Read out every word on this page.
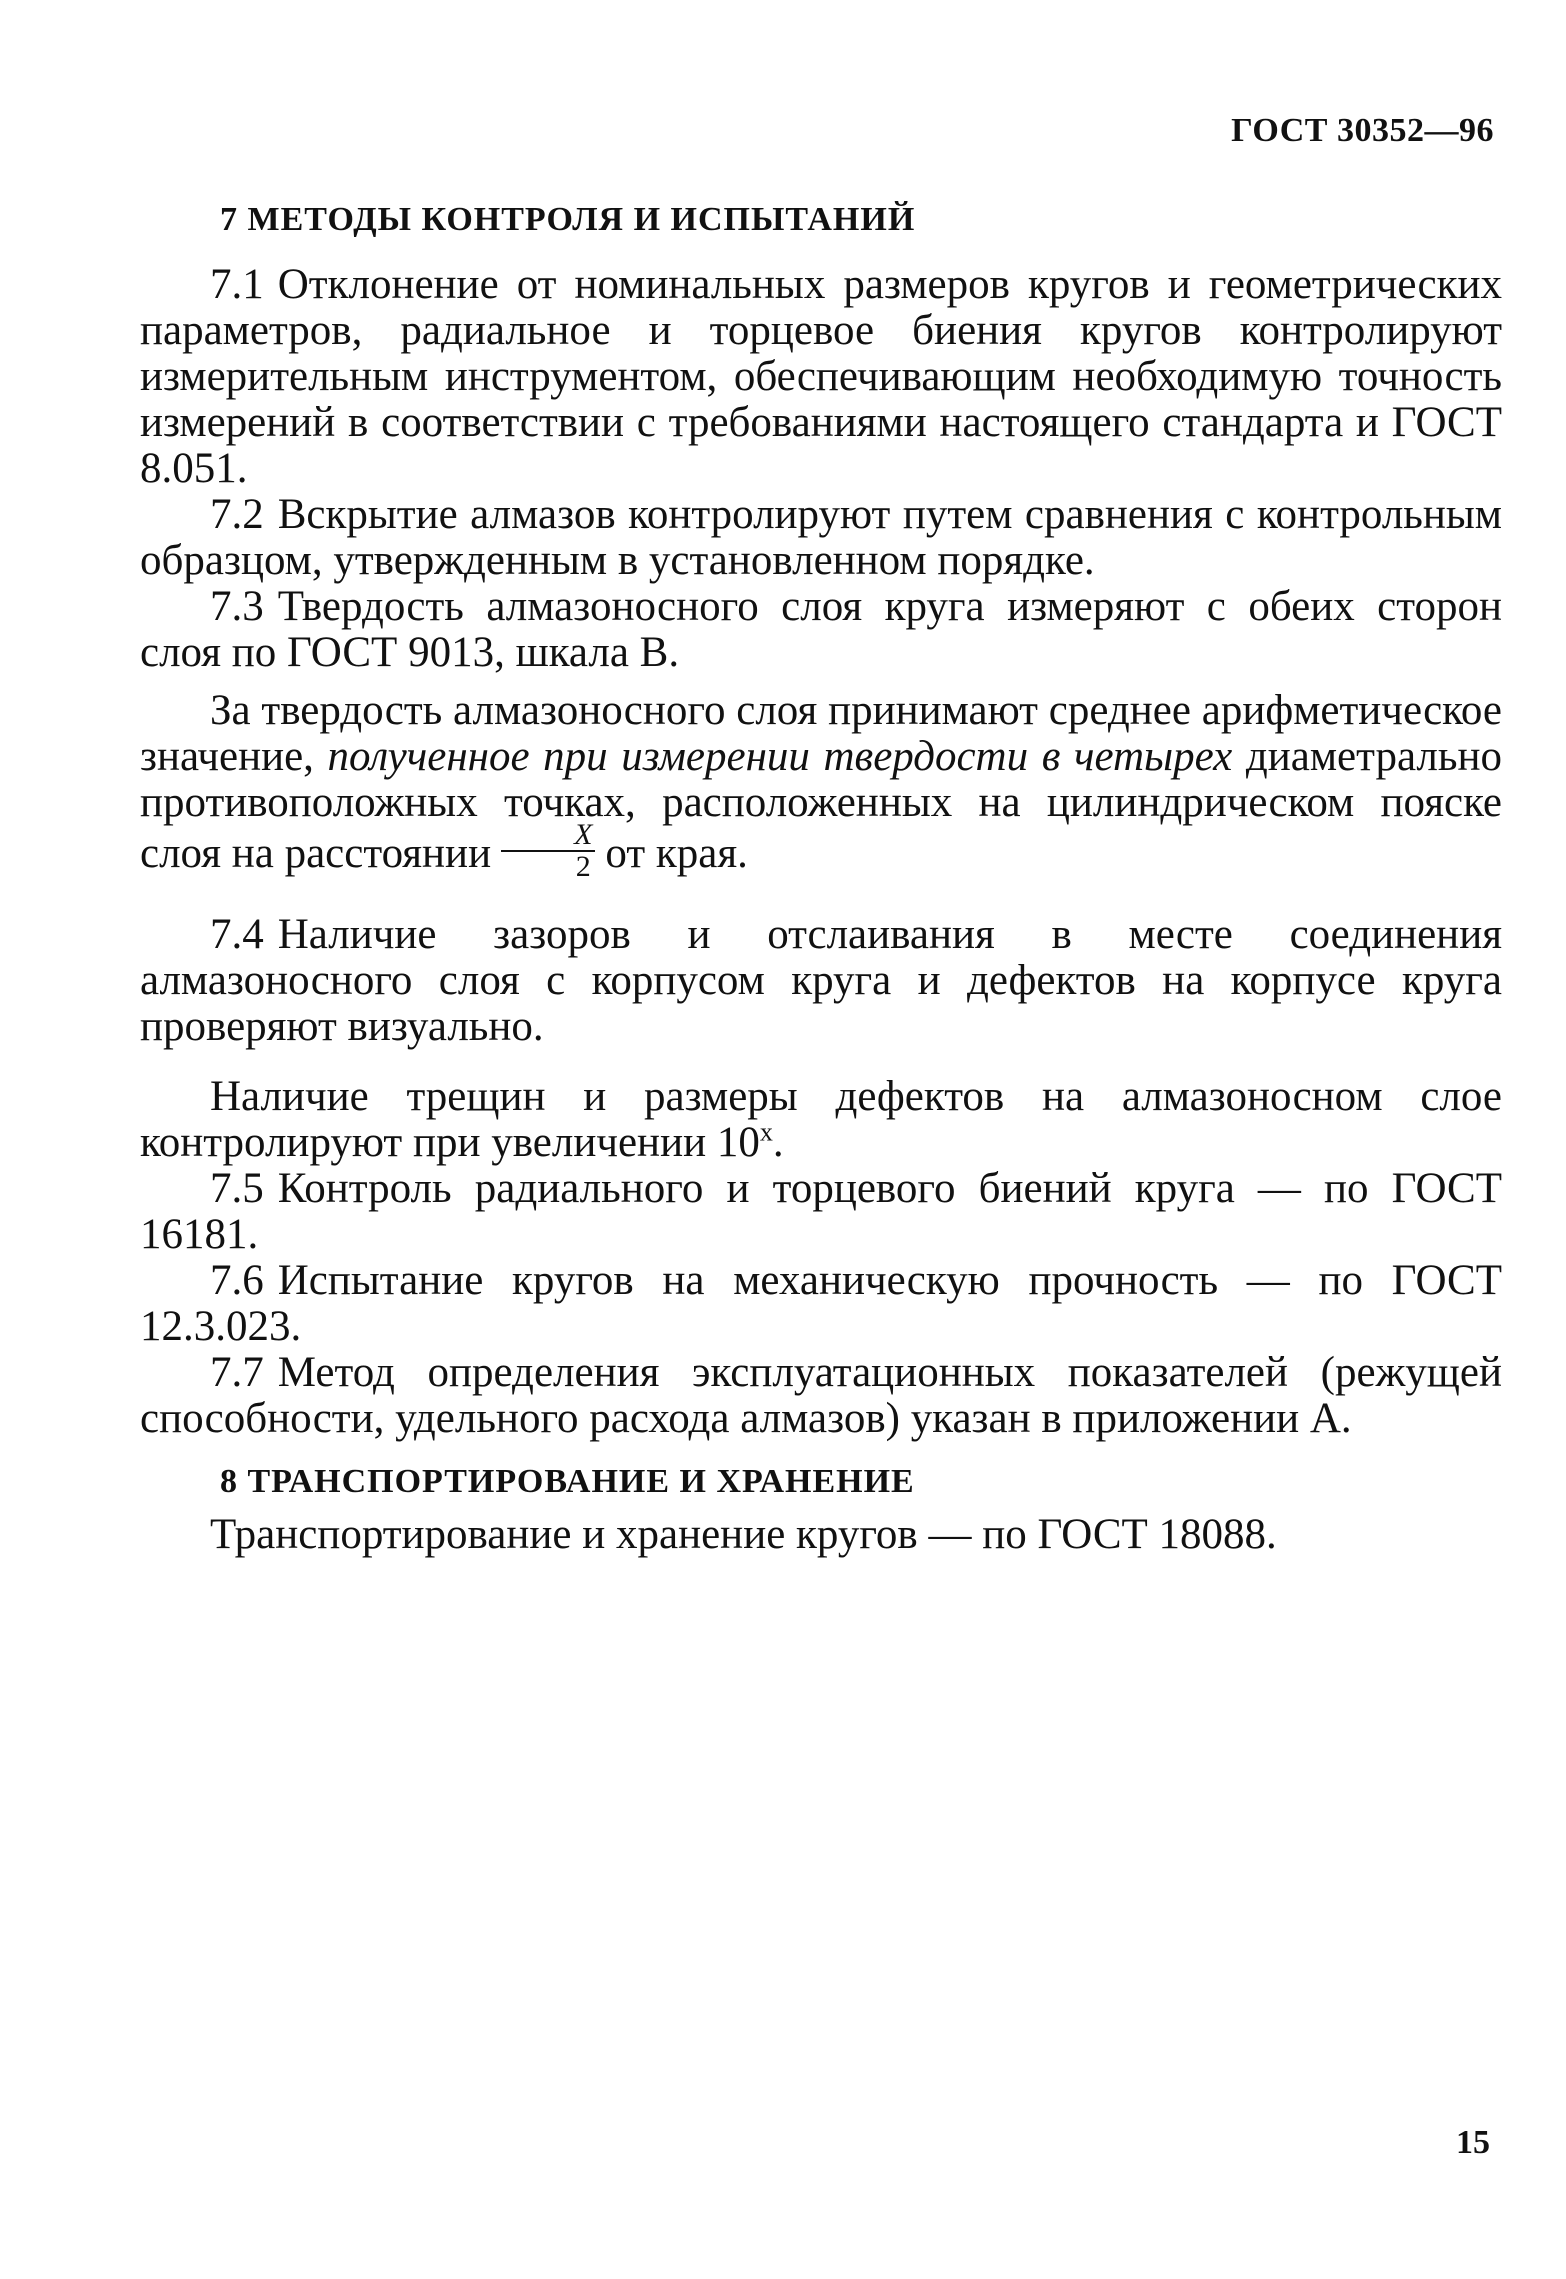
ГОСТ 30352—96
7 МЕТОДЫ КОНТРОЛЯ И ИСПЫТАНИЙ

7.1 Отклонение от номинальных размеров кругов и геометрических параметров, радиальное и торцевое биения кругов контролируют измерительным инструментом, обеспечивающим необходимую точность измерений в соответствии с требованиями настоящего стандарта и ГОСТ 8.051.

7.2 Вскрытие алмазов контролируют путем сравнения с контрольным образцом, утвержденным в установленном порядке.

7.3 Твердость алмазоносного слоя круга измеряют с обеих сторон слоя по ГОСТ 9013, шкала В.

За твердость алмазоносного слоя принимают среднее арифметическое значение, полученное при измерении твердости в четырех диаметрально противоположных точках, расположенных на цилиндрическом пояске слоя на расстоянии $\frac{X}{2}$ от края.

7.4 Наличие зазоров и отслаивания в месте соединения алмазоносного слоя с корпусом круга и дефектов на корпусе круга проверяют визуально.

Наличие трещин и размеры дефектов на алмазоносном слое контролируют при увеличении $10^х$.

7.5 Контроль радиального и торцевого биений круга — по ГОСТ 16181.

7.6 Испытание кругов на механическую прочность — по ГОСТ 12.3.023.

7.7 Метод определения эксплуатационных показателей (режущей способности, удельного расхода алмазов) указан в приложении А.

8 ТРАНСПОРТИРОВАНИЕ И ХРАНЕНИЕ

Транспортирование и хранение кругов — по ГОСТ 18088.

15
